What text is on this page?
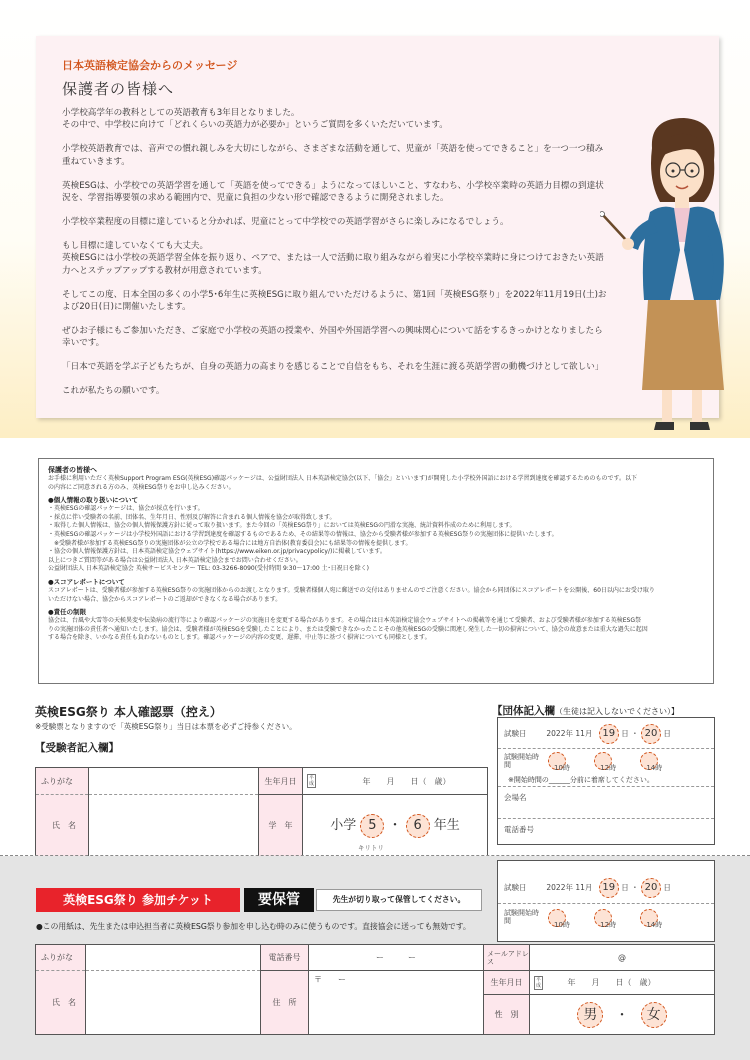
日本英語検定協会からのメッセージ
保護者の皆様へ

小学校高学年の教科としての英語教育も3年目となりました。
その中で、中学校に向けて「どれくらいの英語力が必要か」というご質問を多くいただいています。

小学校英語教育では、音声での慣れ親しみを大切にしながら、さまざまな活動を通して、児童が「英語を使ってできること」を一つ一つ積み重ねていきます。

英検ESGは、小学校での英語学習を通して「英語を使ってできる」ようになってほしいこと、すなわち、小学校卒業時の英語力目標の到達状況を、学習指導要領の求める範囲内で、児童に負担の少ない形で確認できるように開発されました。

小学校卒業程度の目標に達していると分かれば、児童にとって中学校での英語学習がさらに楽しみになるでしょう。

もし目標に達していなくても大丈夫。
英検ESGには小学校の英語学習全体を振り返り、ペアで、または一人で活動に取り組みながら着実に小学校卒業時に身につけておきたい英語力へとステップアップする教材が用意されています。

そしてこの度、日本全国の多くの小学5･6年生に英検ESGに取り組んでいただけるように、第1回「英検ESG祭り」を2022年11月19日(土)および20日(日)に開催いたします。

ぜひお子様にもご参加いただき、ご家庭で小学校の英語の授業や、外国や外国語学習への興味関心について話をするきっかけとなりましたら幸いです。

「日本で英語を学ぶ子どもたちが、自身の英語力の高まりを感じることで自信をもち、それを生涯に渡る英語学習の動機づけとして欲しい」

これが私たちの願いです。

保護者の皆様へ
お手様に利用いただく英検Support Program ESG(英検ESG)確認パッケージは、公益財団法人 日本英語検定協会(以下、「協会」といいます)が開発した小学校外国語における学習到達度を確認するためのものです。以下
の内容にご同意される方のみ、英検ESG祭りをお申し込みください。
●個人情報の取り扱いについて
・英検ESGの確認パッケージは、協会が採点を行います。
・採点に伴い受験者の名前、団体名、生年月日、性別及び解答に含まれる個人情報を協会が取得致します。
・取得した個人情報は、協会の個人情報保護方針に従って取り扱います。また今回の「英検ESG祭り」においては英検ESGの円滑な実施、統計資料作成のために利用します。
・英検ESGの確認パッケージは小学校外国語における学習到達度を確認するものであるため、その結果等の情報は、協会から受験者様が参加する英検ESG祭りの実施団体に提供いたします。
　※受験者様が参加する英検ESG祭りの実施団体が公立の学校である場合には地方自治体(教育委員会)にも結果等の情報を提供します。
・協会の個人情報保護方針は、日本英語検定協会ウェブサイト(https://www.eiken.or.jp/privacypolicy/)に掲載しています。
以上につきご質問等がある場合は公益財団法人 日本英語検定協会までお問い合わせください。
公益財団法人 日本英語検定協会 英検サービスセンター TEL: 03-3266-8090(受付時間 9:30～17:00 土･日祝日を除く)
●スコアレポートについて
スコアレポートは、受験者様が参加する英検ESG祭りの実施団体からのお渡しとなります。受験者様個人宛に郵送での交付はありませんのでご注意ください。協会から同団体にスコアレポートを公開後、60日以内にお受け取り
いただけない場合、協会からスコアレポートのご返却ができなくなる場合があります。
●責任の制限
協会は、台風や大雪等の天候異変や伝染病の流行等により確認パッケージの実施日を変更する場合があります。その場合は日本英語検定協会ウェブサイトへの掲載等を通じて受験者、および受験者様が参加する英検ESG祭
りの実施団体の責任者へ通知いたします。協会は、受験者様が英検ESGを受験したことにより、または受験できなかったことその他英検ESGの受験に関連し発生した一切の損害について、協会の故意または重大な過失に起因
する場合を除き、いかなる責任も負わないものとします。確認パッケージの内容の変更、遅滞、中止等に基づく損害についても同様とします。
英検ESG祭り 本人確認票（控え）
※受験票となりますので「英検ESG祭り」当日は本票を必ずご持参ください。
【受験者記入欄】
ふりがな		生年月日	平成 年　　月　　日（　歳）
氏　名		学　年	小学 5 ・ 6 年生
【団体記入欄（生徒は記入しないでください）】
試験日	2022年 11月 19 日 ・ 20 日
試験開始時間	10時	12時	14時
※開始時間の______分前に着席してください。
会場名
電話番号
キリトリ
英検ESG祭り 参加チケット	要保管	先生が切り取って保管してください。
●この用紙は、先生または申込担当者に英検ESG祭り参加を申し込む時のみに使うものです。直接協会に送っても無効です。
試験日	2022年 11月 19 日 ・ 20 日
試験開始時間	10時	12時	14時
ふりがな		電話番号	ー　　　ー	メールアドレス	@
氏　名		住　所	〒　　ー	生年月日	平成 年　　月　　日（　歳）
				性　別	男 ・ 女
